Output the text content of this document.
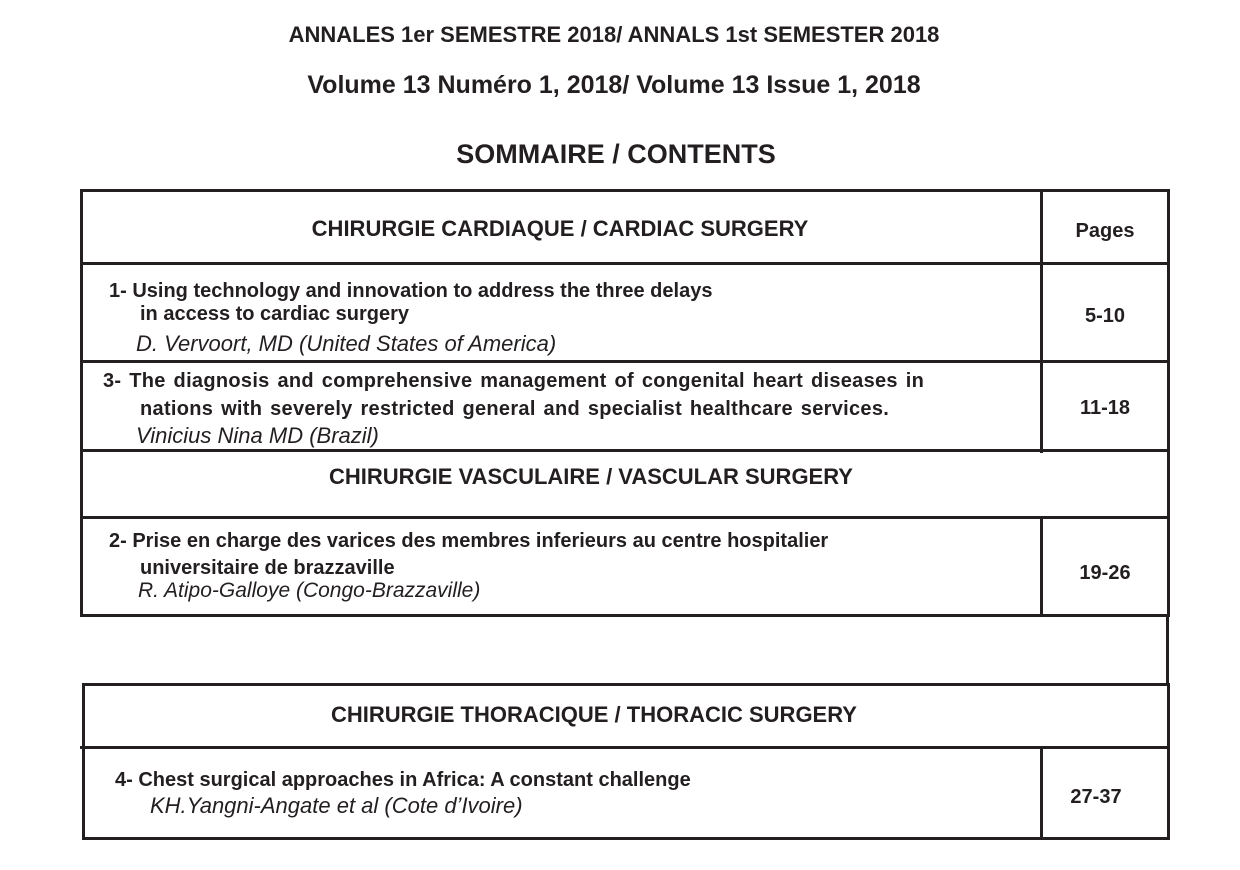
ANNALES 1er SEMESTRE 2018/ ANNALS 1st SEMESTER 2018
Volume 13 Numéro 1, 2018/ Volume 13 Issue 1, 2018
SOMMAIRE / CONTENTS
CHIRURGIE CARDIAQUE / CARDIAC SURGERY	Pages
1- Using technology and innovation to address the three delays
in access to cardiac surgery
D. Vervoort, MD (United States of America)
5-10
3- The diagnosis and comprehensive management of congenital heart diseases in
nations with severely restricted general and specialist healthcare services.
Vinicius Nina MD (Brazil)
11-18
CHIRURGIE VASCULAIRE / VASCULAR SURGERY
2- Prise en charge des varices des membres inferieurs au centre hospitalier
universitaire de brazzaville
R. Atipo-Galloye (Congo-Brazzaville)
19-26
CHIRURGIE THORACIQUE / THORACIC SURGERY
4- Chest surgical approaches in Africa: A constant challenge
KH.Yangni-Angate et al (Cote d’Ivoire)	27-37
